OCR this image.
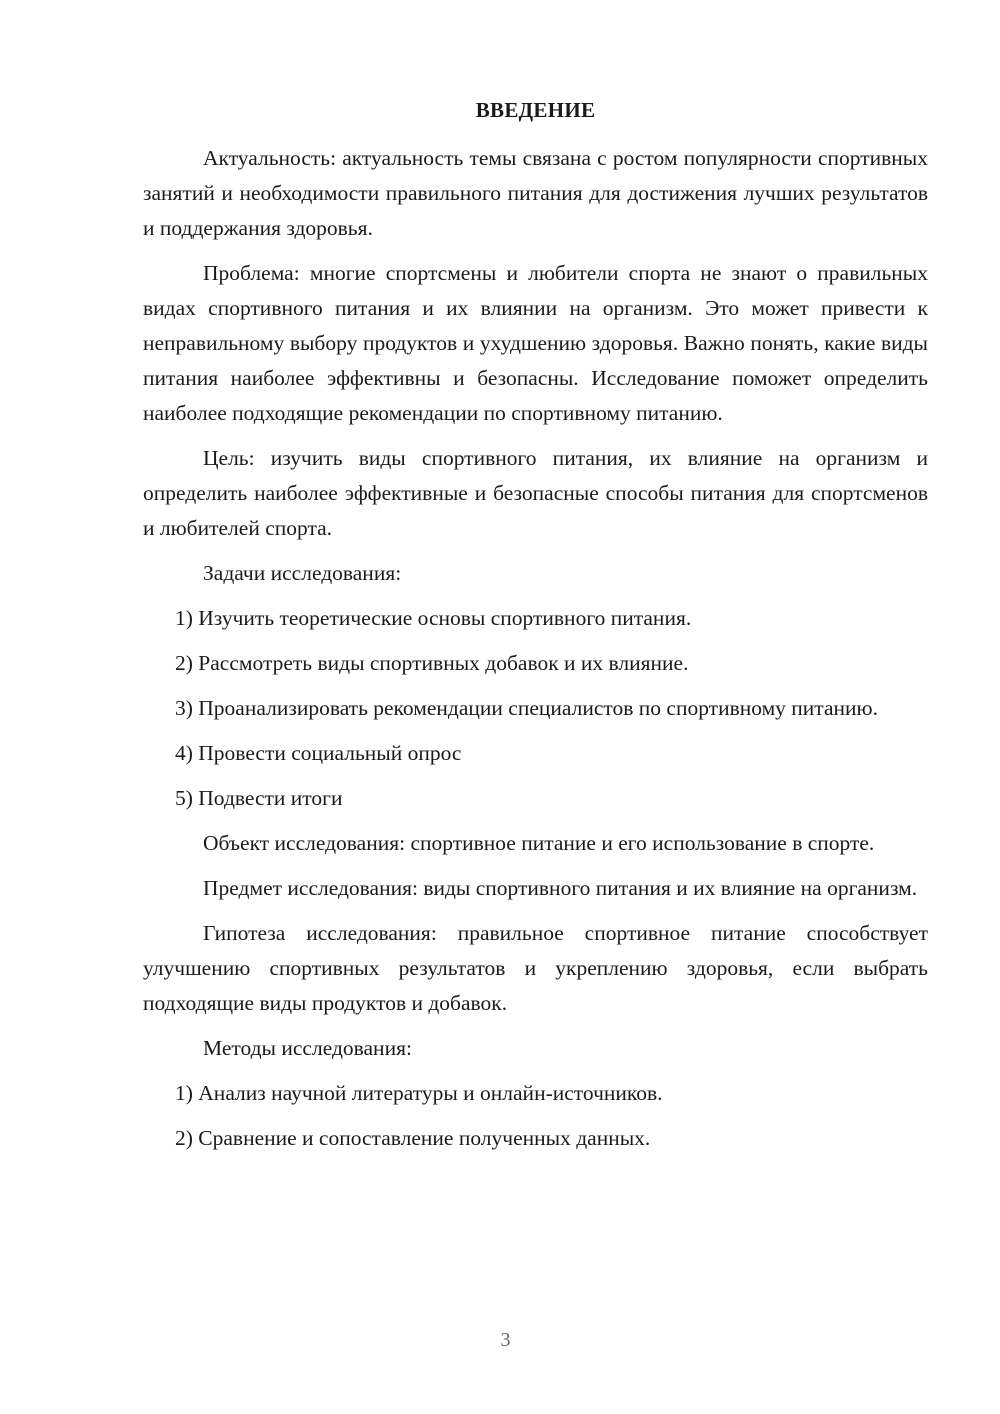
ВВЕДЕНИЕ

Актуальность: актуальность темы связана с ростом популярности спортивных занятий и необходимости правильного питания для достижения лучших результатов и поддержания здоровья.

Проблема: многие спортсмены и любители спорта не знают о правильных видах спортивного питания и их влиянии на организм. Это может привести к неправильному выбору продуктов и ухудшению здоровья. Важно понять, какие виды питания наиболее эффективны и безопасны. Исследование поможет определить наиболее подходящие рекомендации по спортивному питанию.

Цель: изучить виды спортивного питания, их влияние на организм и определить наиболее эффективные и безопасные способы питания для спортсменов и любителей спорта.

Задачи исследования:

1) Изучить теоретические основы спортивного питания.

2) Рассмотреть виды спортивных добавок и их влияние.

3) Проанализировать рекомендации специалистов по спортивному питанию.

4) Провести социальный опрос

5) Подвести итоги

Объект исследования: спортивное питание и его использование в спорте.

Предмет исследования: виды спортивного питания и их влияние на организм.

Гипотеза исследования: правильное спортивное питание способствует улучшению спортивных результатов и укреплению здоровья, если выбрать подходящие виды продуктов и добавок.

Методы исследования:

1) Анализ научной литературы и онлайн-источников.

2) Сравнение и сопоставление полученных данных.

3
